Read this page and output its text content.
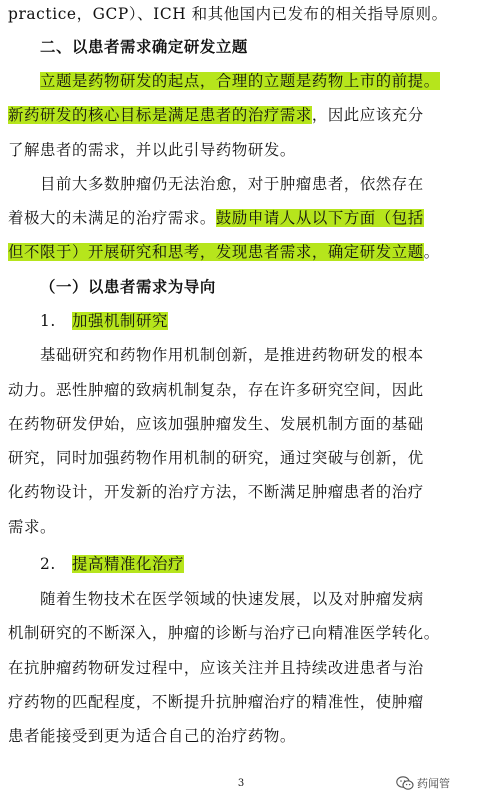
practice，GCP）、ICH 和其他国内已发布的相关指导原则。
二、以患者需求确定研发立题
立题是药物研发的起点，合理的立题是药物上市的前提。
新药研发的核心目标是满足患者的治疗需求，因此应该充分
了解患者的需求，并以此引导药物研发。
目前大多数肿瘤仍无法治愈，对于肿瘤患者，依然存在
着极大的未满足的治疗需求。鼓励申请人从以下方面（包括
但不限于）开展研究和思考，发现患者需求，确定研发立题。
（一）以患者需求为导向
1. 加强机制研究
基础研究和药物作用机制创新，是推进药物研发的根本
动力。恶性肿瘤的致病机制复杂，存在许多研究空间，因此
在药物研发伊始，应该加强肿瘤发生、发展机制方面的基础
研究，同时加强药物作用机制的研究，通过突破与创新，优
化药物设计，开发新的治疗方法，不断满足肿瘤患者的治疗
需求。
2. 提高精准化治疗
随着生物技术在医学领域的快速发展，以及对肿瘤发病
机制研究的不断深入，肿瘤的诊断与治疗已向精准医学转化。
在抗肿瘤药物研发过程中，应该关注并且持续改进患者与治
疗药物的匹配程度，不断提升抗肿瘤治疗的精准性，使肿瘤
患者能接受到更为适合自己的治疗药物。
3	药闻管
